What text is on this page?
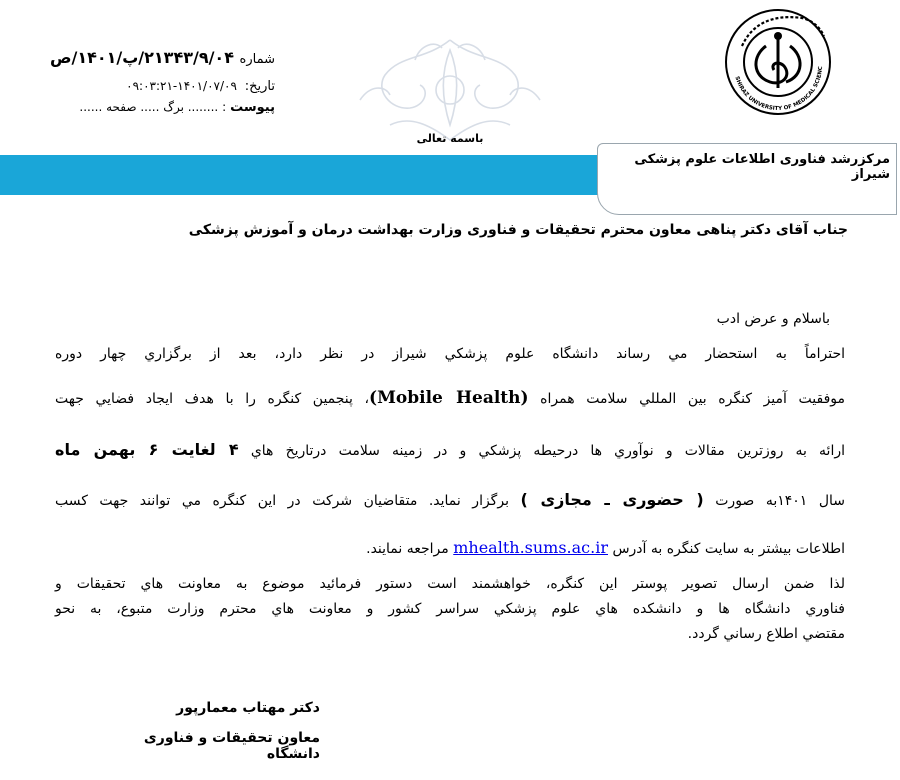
شماره ۲۱۳۴۳/۹/۰۴/پ/۱۴۰۱/ص
تاریخ: ۱۴۰۱/۰۷/۰۹-۰۹:۰۳:۲۱
پیوست: ........ برگ ..... صفحه ......
باسمه تعالی
SHIRAZ UNIVERSITY OF MEDICAL SCIENC
مرکزرشد فناوری اطلاعات علوم پزشکی شیراز
جناب آقای دکتر پناهی معاون محترم تحقیقات و فناوری وزارت بهداشت درمان و آموزش پزشکی
باسلام و عرض ادب
احتراماً به استحضار مي رساند دانشگاه علوم پزشكي شيراز در نظر دارد، بعد از برگزاري چهار دوره
موفقيت آميز كنگره بين المللي سلامت همراه (Mobile Health)، پنجمين كنگره را با هدف ايجاد فضايي جهت
ارائه به روزترين مقالات و نوآوري ها درحيطه پزشكي و در زمينه سلامت درتاريخ هاي ۴ لغایت ۶ بهمن ماه
سال ۱۴۰۱به صورت ( حضوری ـ مجازی ) برگزار نمايد. متقاضيان شركت در اين كنگره مي توانند جهت كسب
اطلاعات بيشتر به سايت كنگره به آدرس mhealth.sums.ac.ir مراجعه نمايند.
لذا ضمن ارسال تصوير پوستر اين كنگره، خواهشمند است دستور فرمائيد موضوع به معاونت هاي تحقيقات و
فناوري دانشگاه ها و دانشكده هاي علوم پزشكي سراسر كشور و معاونت هاي محترم وزارت متبوع، به نحو
مقتضي اطلاع رساني گردد.
دکتر مهتاب معمارپور
معاون تحقیقات و فناوری دانشگاه
